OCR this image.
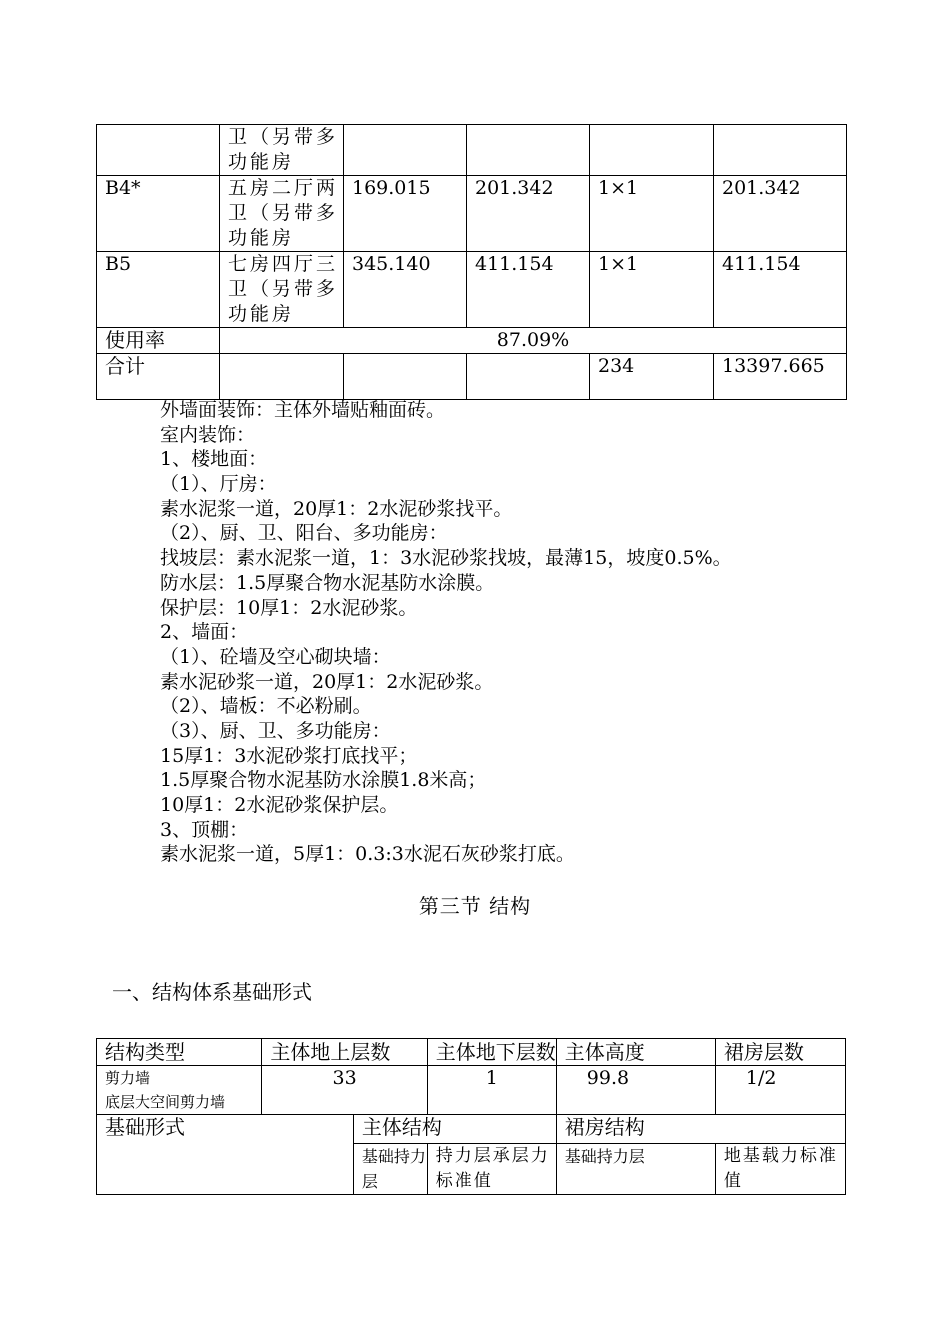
	卫（另带多
功能房				

B4*	五房二厅两
卫（另带多
功能房	169.015	201.342	1×1	201.342
B5	七房四厅三
卫（另带多
功能房	345.140	411.154	1×1	411.154
使用率	87.09%				
合计				234	13397.665
外墙面装饰：主体外墙贴釉面砖。
室内装饰：
1、楼地面：
（1）、厅房：
素水泥浆一道，20厚1：2水泥砂浆找平。
（2）、厨、卫、阳台、多功能房：
找坡层：素水泥浆一道，1：3水泥砂浆找坡，最薄15，坡度0.5%。
防水层：1.5厚聚合物水泥基防水涂膜。
保护层：10厚1：2水泥砂浆。
2、墙面：
（1）、砼墙及空心砌块墙：
素水泥砂浆一道，20厚1：2水泥砂浆。
（2）、墙板：不必粉刷。
（3）、厨、卫、多功能房：
15厚1：3水泥砂浆打底找平；
1.5厚聚合物水泥基防水涂膜1.8米高；
10厚1：2水泥砂浆保护层。
3、顶棚：
素水泥浆一道，5厚1：0.3:3水泥石灰砂浆打底。
第三节 结构
一、结构体系基础形式
结构类型	主体地上层数		主体地下层数	主体高度	裙房层数

剪力墙
底层大空间剪力墙	33		1	99.8	1/2
基础形式		主体结构		裙房结构	
		基础持力层	持力层承层力标准值	基础持力层	地基载力标准值
